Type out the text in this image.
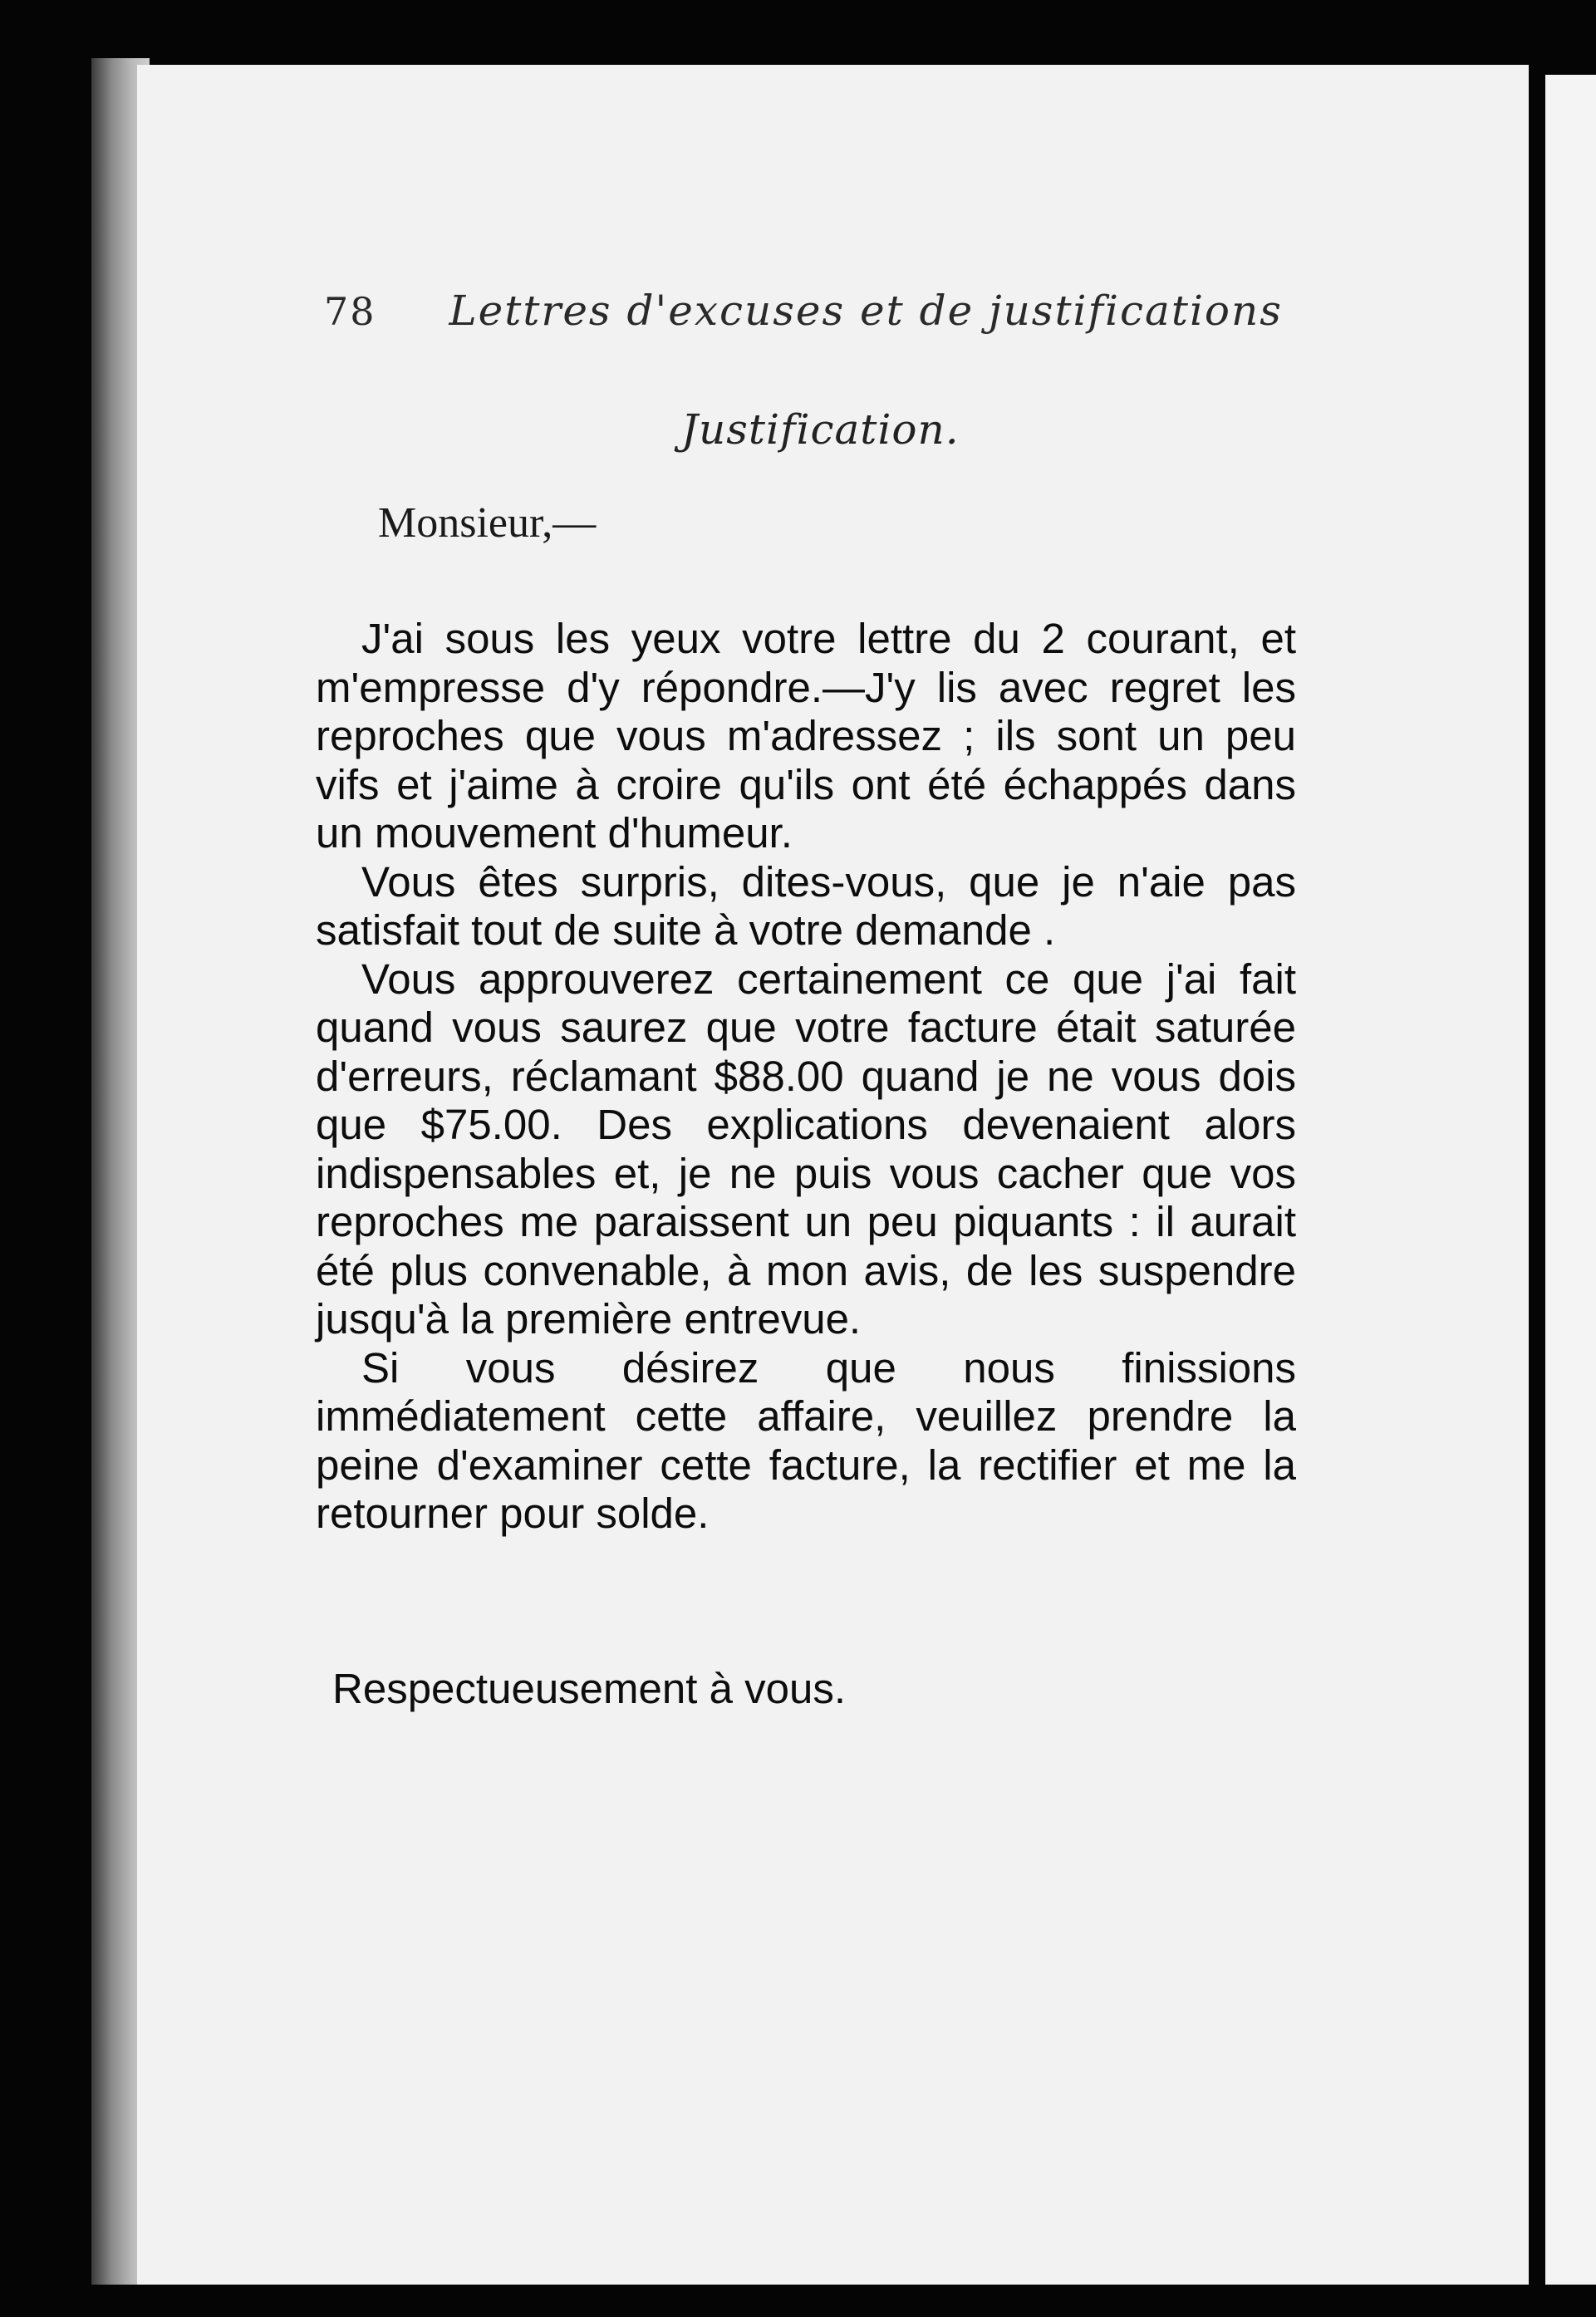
78 Lettres d'excuses et de justifications
Justification.
Monsieur,—

J'ai sous les yeux votre lettre du 2 courant, et m'empresse d'y répondre.—J'y lis avec regret les reproches que vous m'adressez ; ils sont un peu vifs et j'aime à croire qu'ils ont été échappés dans un mouvement d'humeur.

Vous êtes surpris, dites-vous, que je n'aie pas satisfait tout de suite à votre demande .

Vous approuverez certainement ce que j'ai fait quand vous saurez que votre facture était saturée d'erreurs, réclamant $88.00 quand je ne vous dois que $75.00. Des explications devenaient alors indispensables et, je ne puis vous cacher que vos reproches me paraissent un peu piquants : il aurait été plus convenable, à mon avis, de les suspendre jusqu'à la première entrevue.

Si vous désirez que nous finissions immédiatement cette affaire, veuillez prendre la peine d'examiner cette facture, la rectifier et me la retourner pour solde.

Respectueusement à vous.
